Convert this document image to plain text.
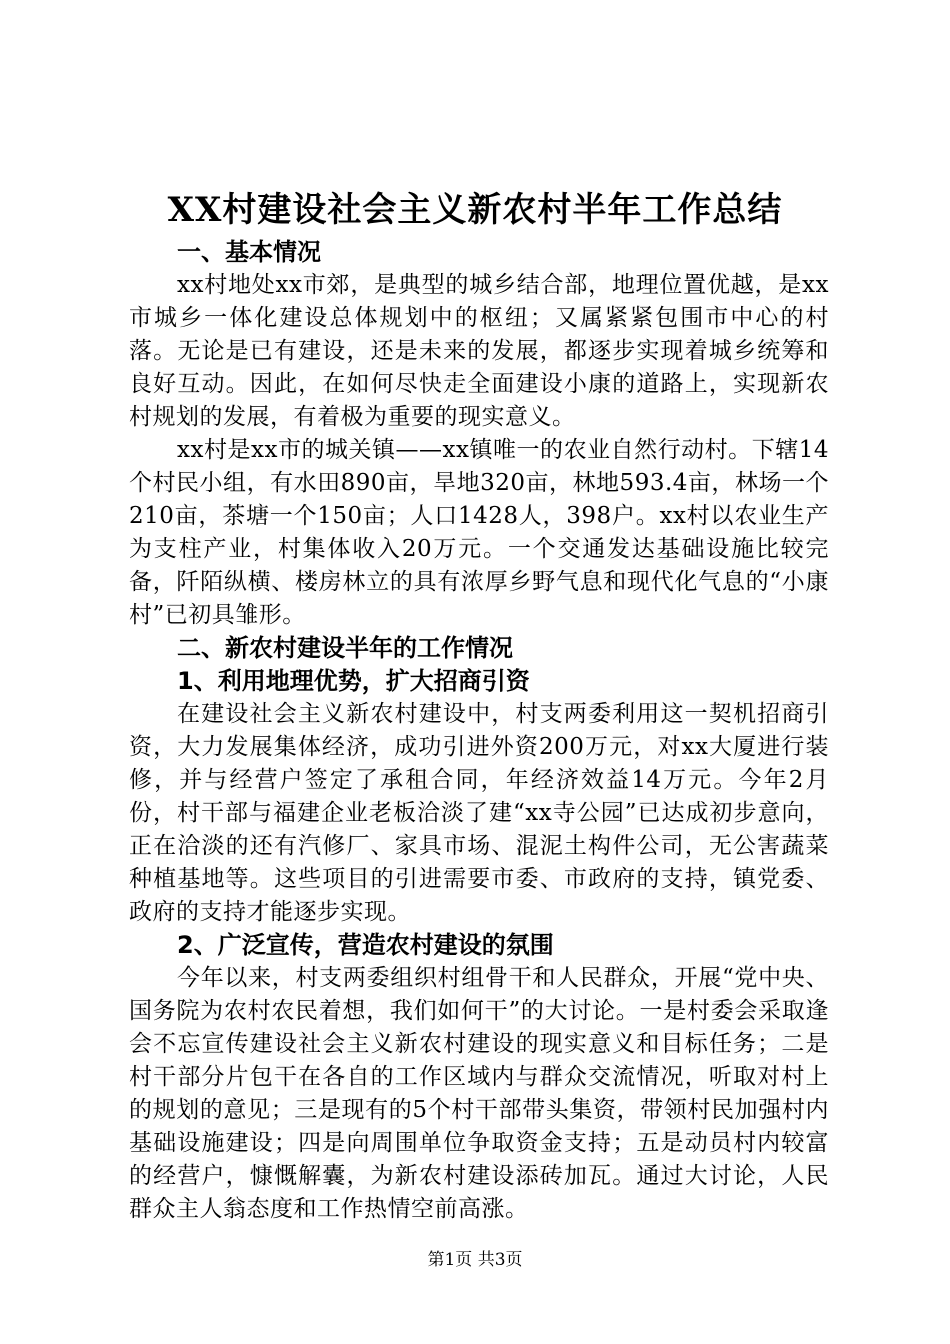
XX村建设社会主义新农村半年工作总结

一、基本情况

xx村地处xx市郊，是典型的城乡结合部，地理位置优越，是xx市城乡一体化建设总体规划中的枢纽；又属紧紧包围市中心的村落。无论是已有建设，还是未来的发展，都逐步实现着城乡统筹和良好互动。因此，在如何尽快走全面建设小康的道路上，实现新农村规划的发展，有着极为重要的现实意义。

xx村是xx市的城关镇——xx镇唯一的农业自然行动村。下辖14个村民小组，有水田890亩，旱地320亩，林地593.4亩，林场一个210亩，茶塘一个150亩；人口1428人，398户。xx村以农业生产为支柱产业，村集体收入20万元。一个交通发达基础设施比较完备，阡陌纵横、楼房林立的具有浓厚乡野气息和现代化气息的“小康村”已初具雏形。

二、新农村建设半年的工作情况

1、利用地理优势，扩大招商引资

在建设社会主义新农村建设中，村支两委利用这一契机招商引资，大力发展集体经济，成功引进外资200万元，对xx大厦进行装修，并与经营户签定了承租合同，年经济效益14万元。今年2月份，村干部与福建企业老板洽淡了建“xx寺公园”已达成初步意向，正在洽淡的还有汽修厂、家具市场、混泥土构件公司，无公害蔬菜种植基地等。这些项目的引进需要市委、市政府的支持，镇党委、政府的支持才能逐步实现。

2、广泛宣传，营造农村建设的氛围

今年以来，村支两委组织村组骨干和人民群众，开展“党中央、国务院为农村农民着想，我们如何干”的大讨论。一是村委会采取逢会不忘宣传建设社会主义新农村建设的现实意义和目标任务；二是村干部分片包干在各自的工作区域内与群众交流情况，听取对村上的规划的意见；三是现有的5个村干部带头集资，带领村民加强村内基础设施建设；四是向周围单位争取资金支持；五是动员村内较富的经营户，慷慨解囊，为新农村建设添砖加瓦。通过大讨论，人民群众主人翁态度和工作热情空前高涨。

第1页 共3页
